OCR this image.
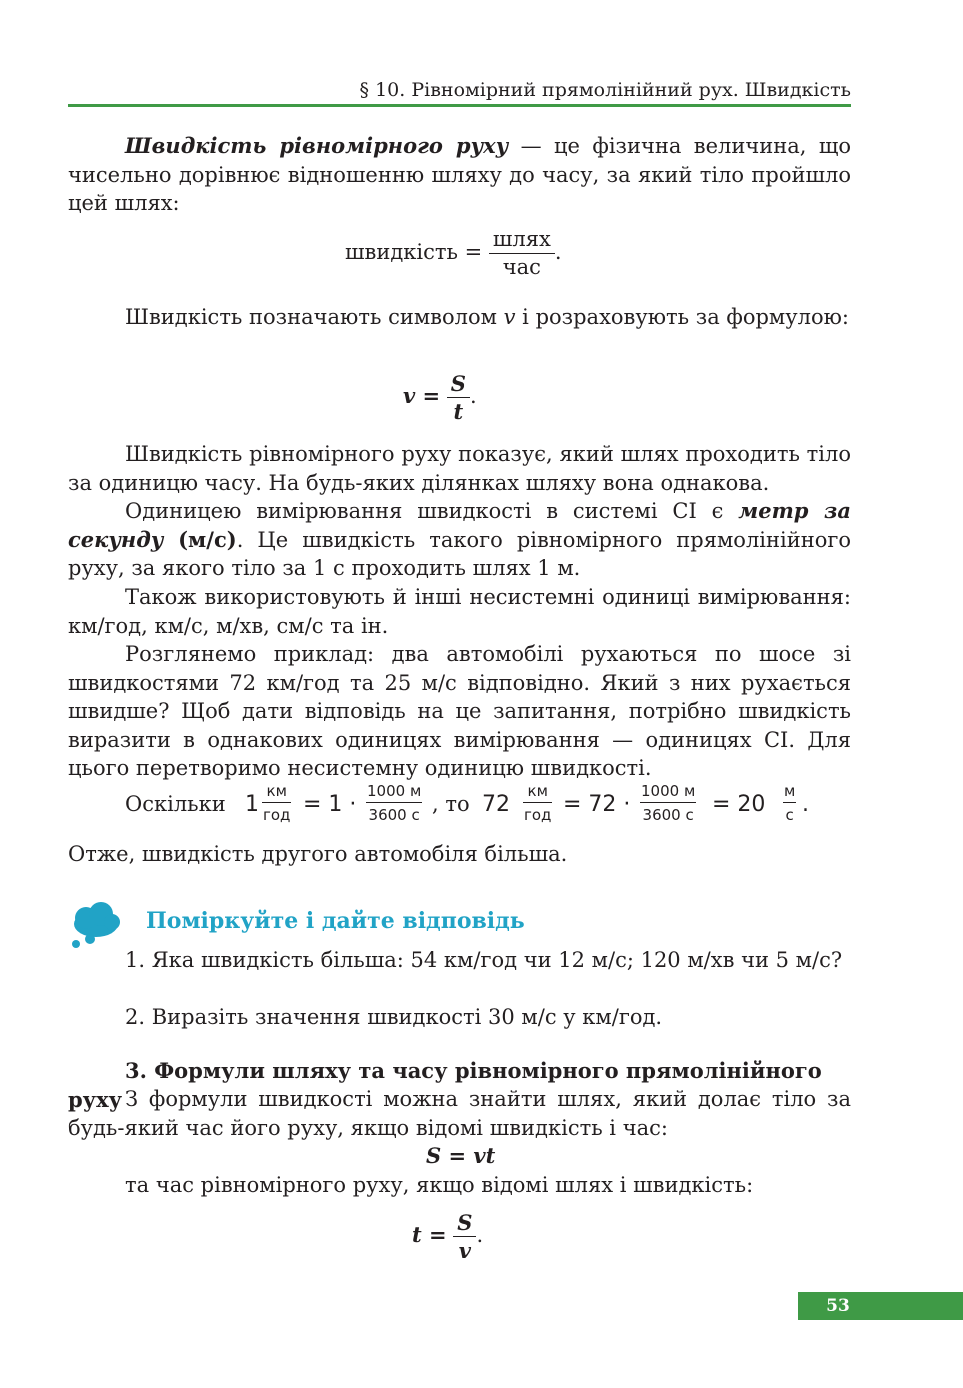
§ 10. Рівномірний прямолінійний рух. Швидкість

Швидкість рівномірного руху — це фізична величина, що чисельно дорівнює відношенню шляху до часу, за який тіло пройшло цей шлях:

швидкість = $\frac{\text{шлях}}{\text{час}}$ .

Швидкість позначають символом v і розраховують за формулою:

$v = \frac{S}{t}$ .

Швидкість рівномірного руху показує, який шлях проходить тіло за одиницю часу. На будь-яких ділянках шляху вона однакова.

Одиницею вимірювання швидкості в системі СІ є метр за секунду (м/с). Це швидкість такого рівномірного прямолінійного руху, за якого тіло за 1 с проходить шлях 1 м.

Також використовують й інші несистемні одиниці вимірювання: км/год, км/с, м/хв, см/с та ін.

Розглянемо приклад: два автомобілі рухаються по шосе зі швидкостями 72 км/год та 25 м/с відповідно. Який з них рухається швидше? Щоб дати відповідь на це запитання, потрібно швидкість виразити в однакових одиницях вимірювання — одиницях СІ. Для цього перетворимо несистемну одиницю швидкості.

Оскільки 1
км
год = 1 ·
1000 м
3600 с , то 72
км
год = 72 ·
1000 м
3600 с = 20
м
с .

Отже, швидкість другого автомобіля більша.

Поміркуйте і дайте відповідь

1. Яка швидкість більша: 54 км/год чи 12 м/с; 120 м/хв чи 5 м/с?

2. Виразіть значення швидкості 30 м/с у км/год.

3. Формули шляху та часу рівномірного прямолінійного руху З формули швидкості можна знайти шлях, який долає тіло за будь-який час його руху, якщо відомі швидкість і час:

S = vt

та час рівномірного руху, якщо відомі шлях і швидкість:

$t = \frac{S}{v}$ .
53
